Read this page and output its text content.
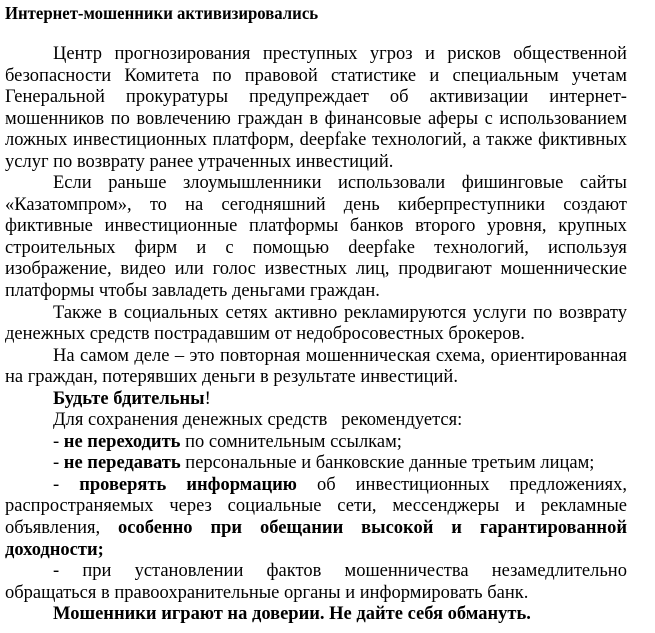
Интернет-мошенники активизировались
Центр прогнозирования преступных угроз и рисков общественной
безопасности Комитета по правовой статистике и специальным учетам
Генеральной прокуратуры предупреждает об активизации интернет-
мошенников по вовлечению граждан в финансовые аферы с использованием
ложных инвестиционных платформ, deepfake технологий, а также фиктивных
услуг по возврату ранее утраченных инвестиций.
Если раньше злоумышленники использовали фишинговые сайты
«Казатомпром», то на сегодняшний день киберпреступники создают
фиктивные инвестиционные платформы банков второго уровня, крупных
строительных фирм и с помощью deepfake технологий, используя
изображение, видео или голос известных лиц, продвигают мошеннические
платформы чтобы завладеть деньгами граждан.
Также в социальных сетях активно рекламируются услуги по возврату
денежных средств пострадавшим от недобросовестных брокеров.
На самом деле – это повторная мошенническая схема, ориентированная
на граждан, потерявших деньги в результате инвестиций.
Будьте бдительны!
Для сохранения денежных средств   рекомендуется:
- не переходить по сомнительным ссылкам;
- не передавать персональные и банковские данные третьим лицам;
- проверять информацию об инвестиционных предложениях,
распространяемых через социальные сети, мессенджеры и рекламные
объявления, особенно при обещании высокой и гарантированной
доходности;
- при установлении фактов мошенничества незамедлительно
обращаться в правоохранительные органы и информировать банк.
Мошенники играют на доверии. Не дайте себя обмануть.
